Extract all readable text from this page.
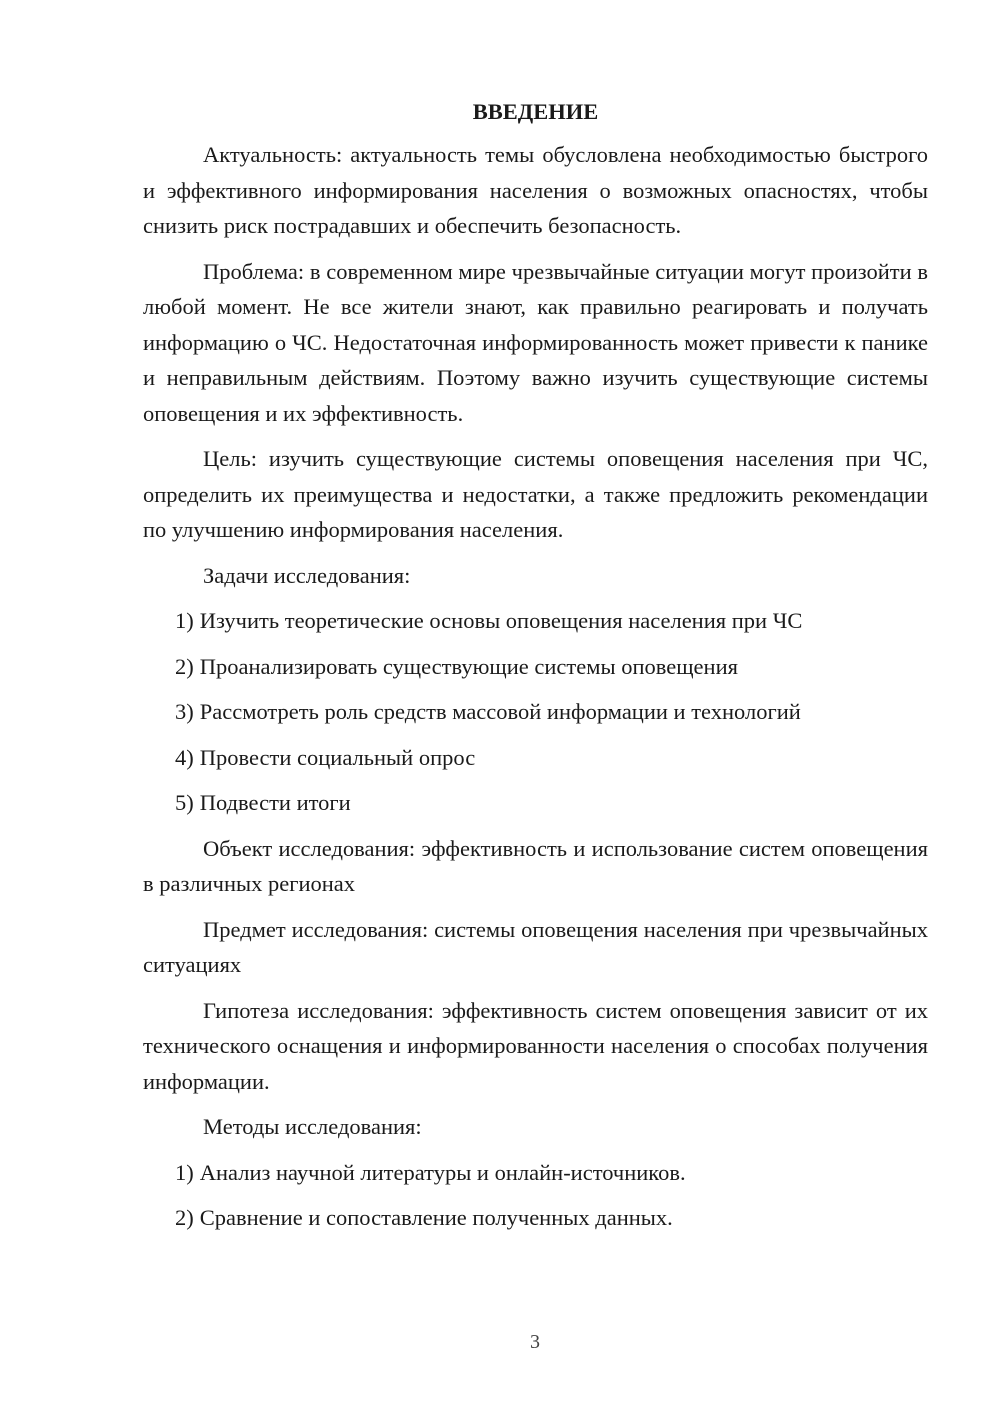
ВВЕДЕНИЕ

Актуальность: актуальность темы обусловлена необходимостью быстрого и эффективного информирования населения о возможных опасностях, чтобы снизить риск пострадавших и обеспечить безопасность.

Проблема: в современном мире чрезвычайные ситуации могут произойти в любой момент. Не все жители знают, как правильно реагировать и получать информацию о ЧС. Недостаточная информированность может привести к панике и неправильным действиям. Поэтому важно изучить существующие системы оповещения и их эффективность.

Цель: изучить существующие системы оповещения населения при ЧС, определить их преимущества и недостатки, а также предложить рекомендации по улучшению информирования населения.

Задачи исследования:

1) Изучить теоретические основы оповещения населения при ЧС
2) Проанализировать существующие системы оповещения
3) Рассмотреть роль средств массовой информации и технологий
4) Провести социальный опрос
5) Подвести итоги

Объект исследования: эффективность и использование систем оповещения в различных регионах

Предмет исследования: системы оповещения населения при чрезвычайных ситуациях

Гипотеза исследования: эффективность систем оповещения зависит от их технического оснащения и информированности населения о способах получения информации.

Методы исследования:

1) Анализ научной литературы и онлайн-источников.
2) Сравнение и сопоставление полученных данных.
3
